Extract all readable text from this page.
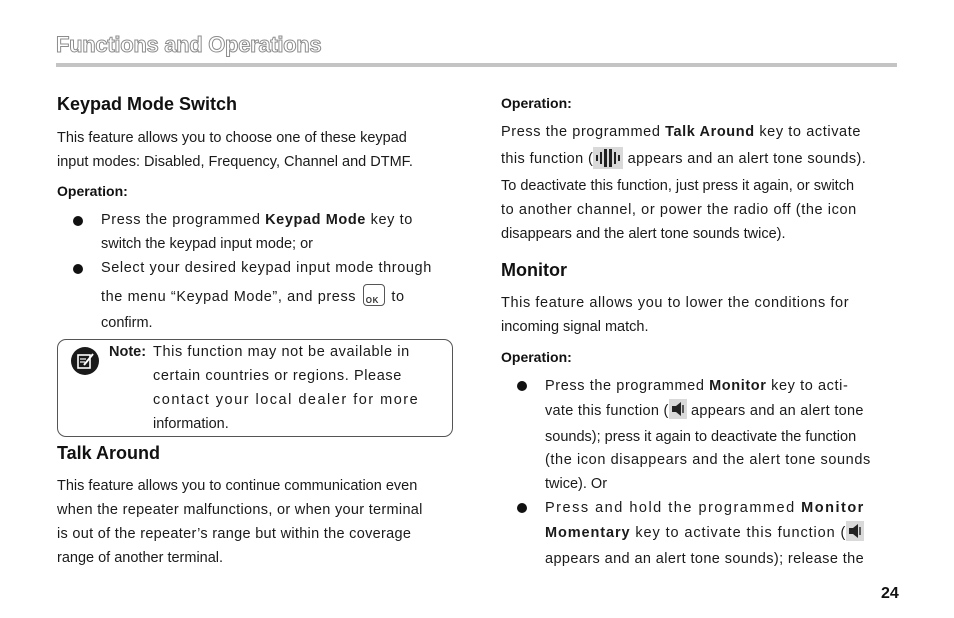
Functions and Operations
Keypad Mode Switch
This feature allows you to choose one of these keypad
input modes: Disabled, Frequency, Channel and DTMF.
Operation:
Press the programmed Keypad Mode key to
switch the keypad input mode; or
Select your desired keypad input mode through
the menu “Keypad Mode”, and press OK to
confirm.
Note: This function may not be available in
certain countries or regions. Please
contact your local dealer for more
information.
Talk Around
This feature allows you to continue communication even
when the repeater malfunctions, or when your terminal
is out of the repeater’s range but within the coverage
range of another terminal.
Operation:
Press the programmed Talk Around key to activate
this function ( appears and an alert tone sounds).
To deactivate this function, just press it again, or switch
to another channel, or power the radio off (the icon
disappears and the alert tone sounds twice).
Monitor
This feature allows you to lower the conditions for
incoming signal match.
Operation:
Press the programmed Monitor key to acti-
vate this function ( appears and an alert tone
sounds); press it again to deactivate the function
(the icon disappears and the alert tone sounds
twice). Or
Press and hold the programmed Monitor
Momentary key to activate this function (
appears and an alert tone sounds); release the
24
